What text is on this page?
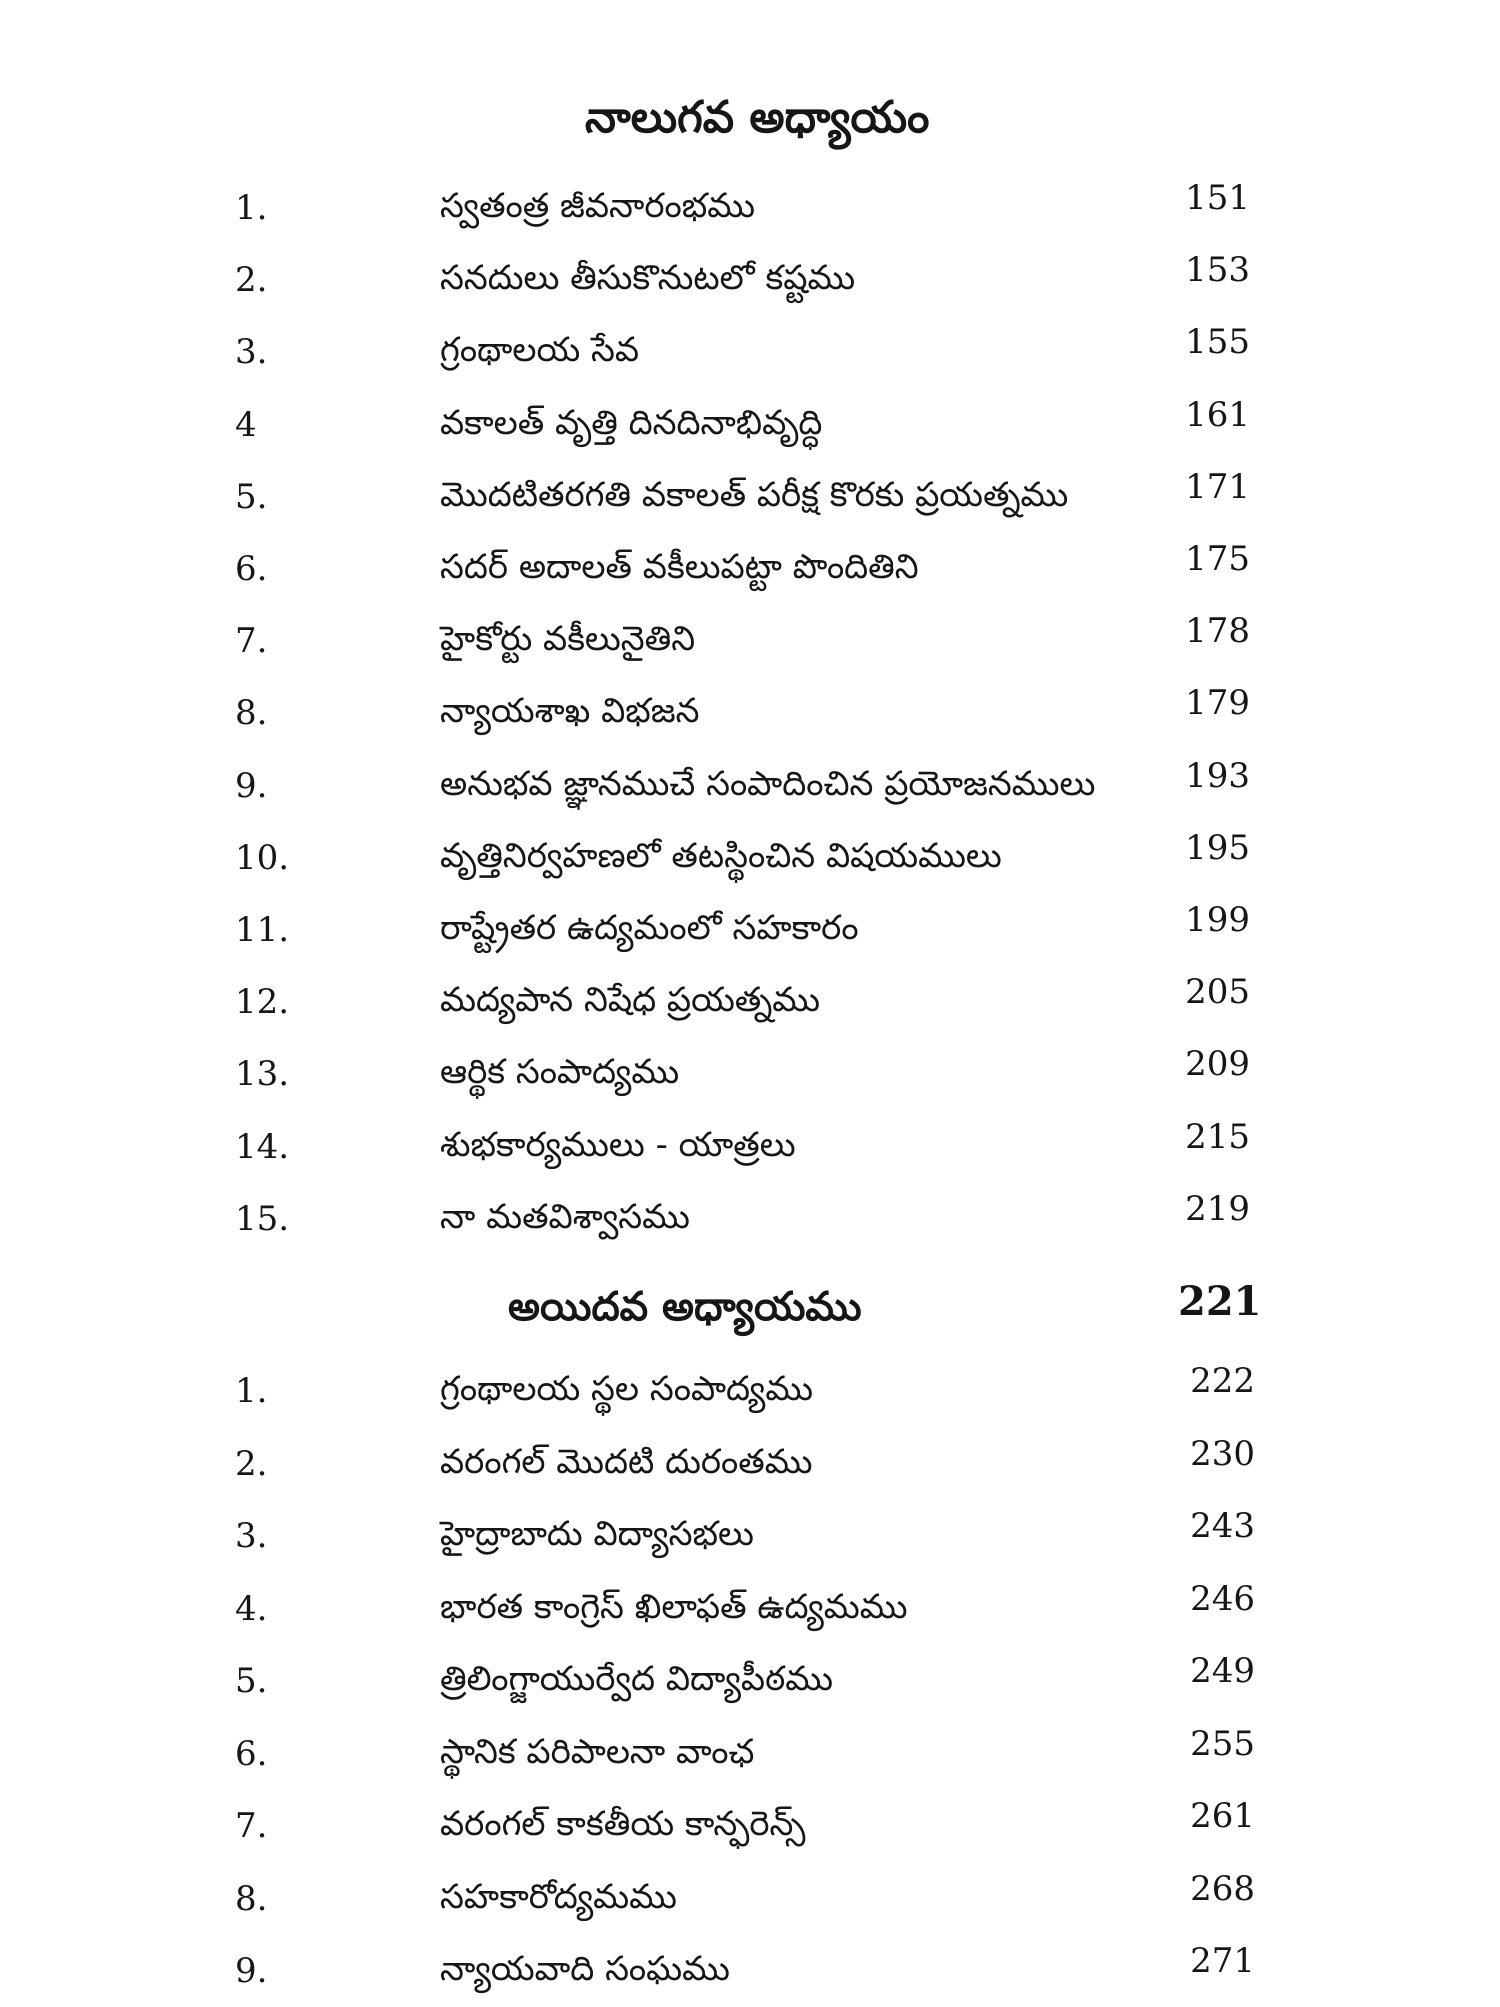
నాలుగవ అధ్యాయం
1.	స్వతంత్ర జీవనారంభము	151
2.	సనదులు తీసుకొనుటలో కష్టము	153
3.	గ్రంథాలయ సేవ	155
4	వకాలత్ వృత్తి దినదినాభివృద్ధి	161
5.	మొదటితరగతి వకాలత్ పరీక్ష కొరకు ప్రయత్నము	171
6.	సదర్ అదాలత్ వకీలుపట్టా పొందితిని	175
7.	హైకోర్టు వకీలునైతిని	178
8.	న్యాయశాఖ విభజన	179
9.	అనుభవ జ్ఞానముచే సంపాదించిన ప్రయోజనములు	193
10.	వృత్తినిర్వహణలో తటస్థించిన విషయములు	195
11.	రాష్ట్రేతర ఉద్యమంలో సహకారం	199
12.	మద్యపాన నిషేధ ప్రయత్నము	205
13.	ఆర్థిక సంపాద్యము	209
14.	శుభకార్యములు - యాత్రలు	215
15.	నా మతవిశ్వాసము	219
అయిదవ అధ్యాయము	221
1.	గ్రంథాలయ స్థల సంపాద్యము	222
2.	వరంగల్ మొదటి దురంతము	230
3.	హైద్రాబాదు విద్యాసభలు	243
4.	భారత కాంగ్రెస్ ఖిలాఫత్ ఉద్యమము	246
5.	త్రిలింగ్జాయుర్వేద విద్యాపీఠము	249
6.	స్థానిక పరిపాలనా వాంఛ	255
7.	వరంగల్ కాకతీయ కాన్ఫరెన్స్	261
8.	సహకారోద్యమము	268
9.	న్యాయవాది సంఘము	271
